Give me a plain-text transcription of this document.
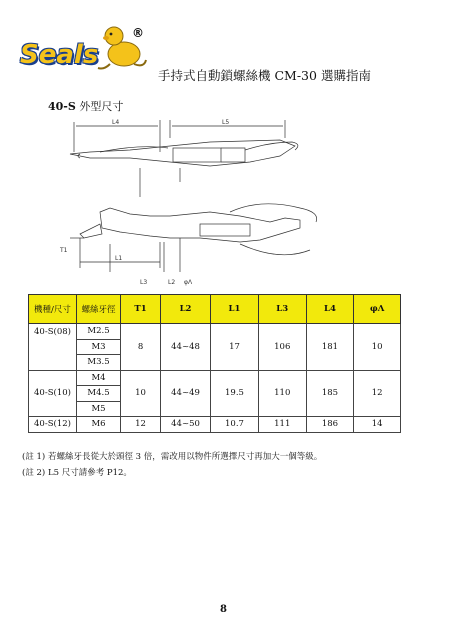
Seals
®
手持式自動鎖螺絲機 CM-30 選購指南
40-S 外型尺寸
L4	L5
L1
L3
T1
L2 φΛ
機種/尺寸	螺絲牙徑	T1	L2	L1	L3	L4	φΛ
40-S(08)	M2.5	8	44~48	17	106	181	10
	M3						
	M3.5						
40-S(10)	M4	10	44~49	19.5	110	185	12
	M4.5						
	M5						
40-S(12)	M6	12	44~50	10.7	111	186	14
(註 1) 若螺絲牙長從大於頭徑 3 倍，需改用以物件所選擇尺寸再加大一個等級。
(註 2) L5 尺寸請參考 P12。
8
